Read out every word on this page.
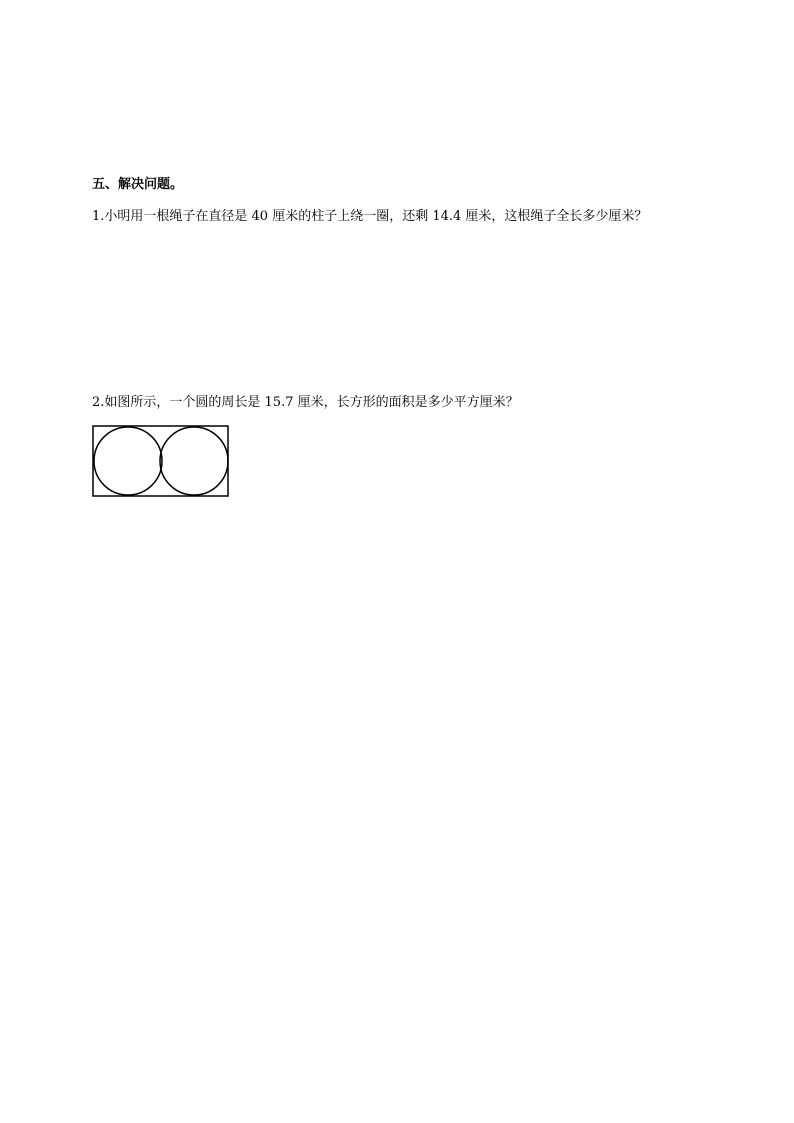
五、解决问题。
1.小明用一根绳子在直径是 40 厘米的柱子上绕一圈，还剩 14.4 厘米，这根绳子全长多少厘米？
2.如图所示，一个圆的周长是 15.7 厘米，长方形的面积是多少平方厘米？
